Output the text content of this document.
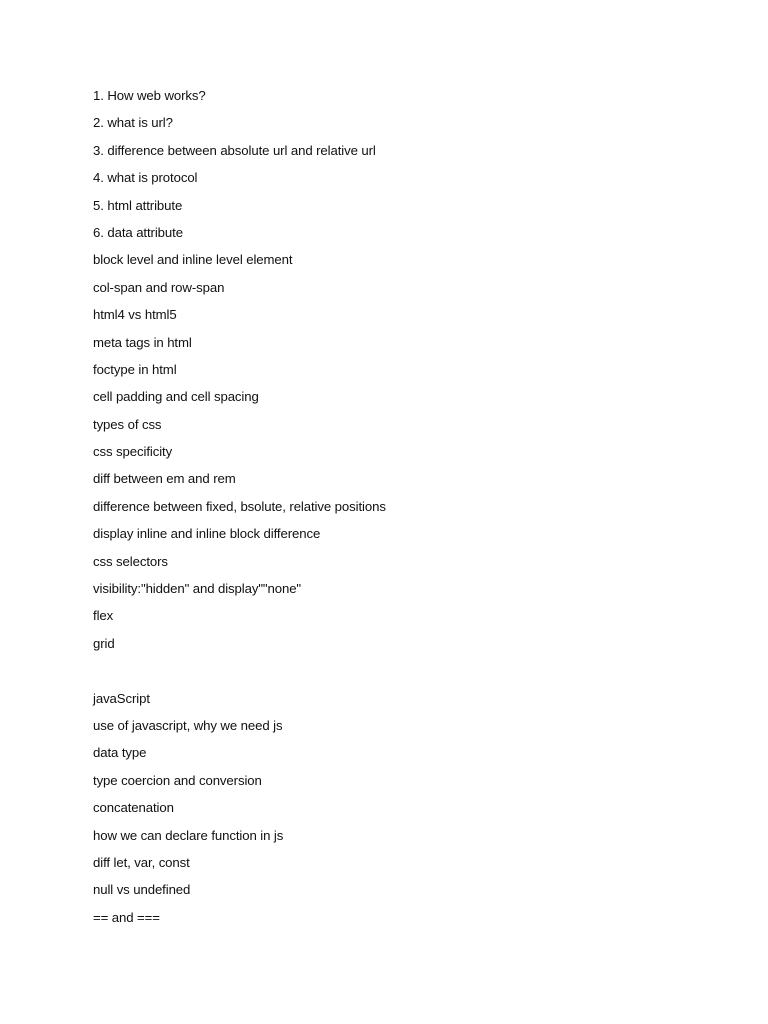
1. How web works?
2. what is url?
3. difference between absolute url and relative url
4. what is protocol
5. html attribute
6. data attribute
block level and inline level element
col-span and row-span
html4 vs html5
meta tags in html
foctype in html
cell padding and cell spacing
types of css
css specificity
diff between em and rem
difference between fixed, bsolute, relative positions
display inline and inline block difference
css selectors
visibility:"hidden" and display""none"
flex
grid
javaScript
use of javascript, why we need js
data type
type coercion and conversion
concatenation
how we can declare function in js
diff let, var, const
null vs undefined
== and ===
